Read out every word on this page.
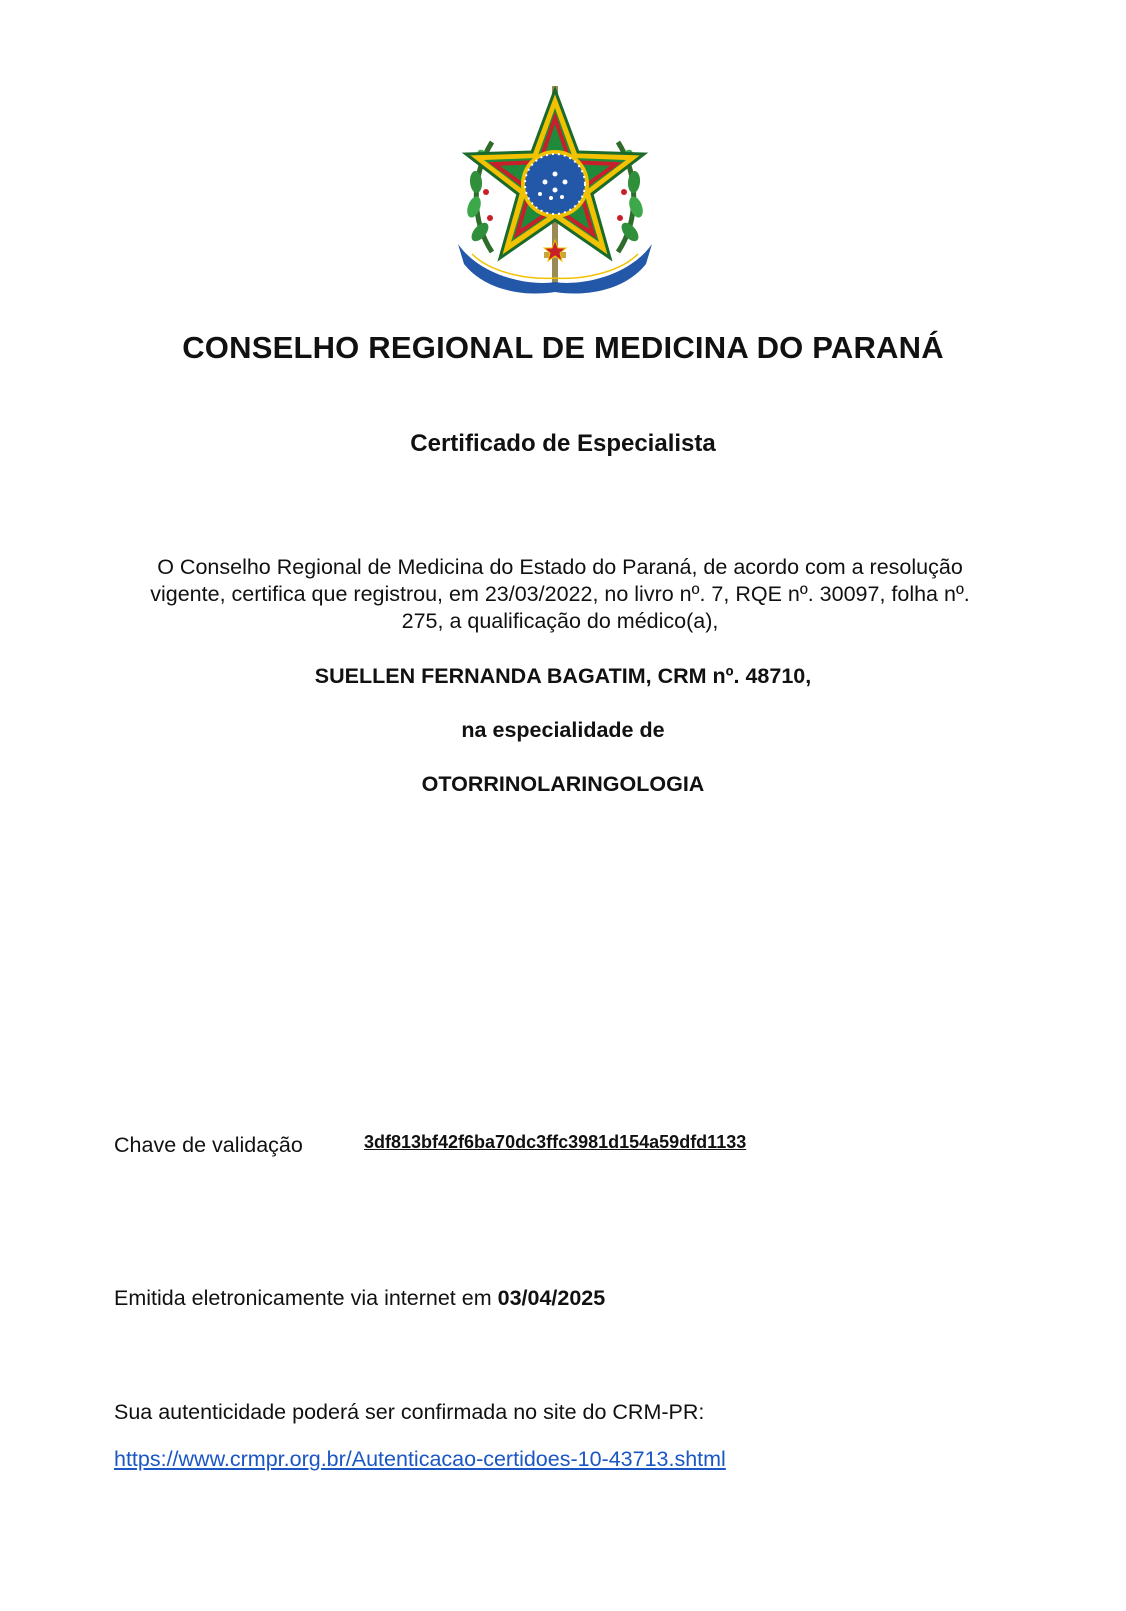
CONSELHO REGIONAL DE MEDICINA DO PARANÁ
Certificado de Especialista
O Conselho Regional de Medicina do Estado do Paraná, de acordo com a resolução
vigente, certifica que registrou, em 23/03/2022, no livro nº. 7, RQE nº. 30097, folha nº.
275, a qualificação do médico(a),
SUELLEN FERNANDA BAGATIM, CRM nº. 48710,
na especialidade de
OTORRINOLARINGOLOGIA
Chave de validação	3df813bf42f6ba70dc3ffc3981d154a59dfd1133
Emitida eletronicamente via internet em 03/04/2025
Sua autenticidade poderá ser confirmada no site do CRM-PR:
https://www.crmpr.org.br/Autenticacao-certidoes-10-43713.shtml
